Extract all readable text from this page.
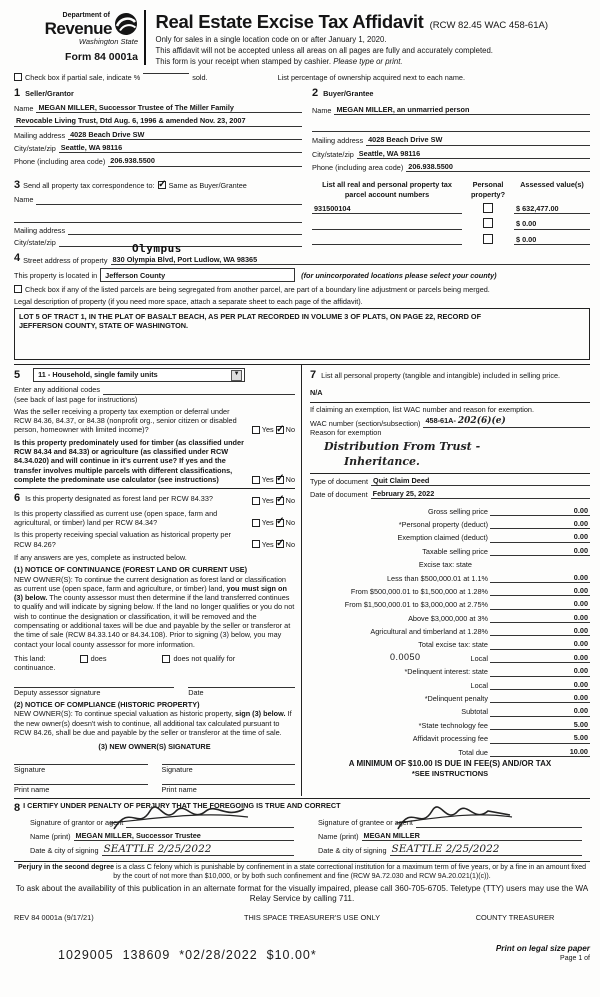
Department of
Revenue
Washington State
Form 84 0001a
Real Estate Excise Tax Affidavit (RCW 82.45 WAC 458-61A)
Only for sales in a single location code on or after January 1, 2020.
This affidavit will not be accepted unless all areas on all pages are fully and accurately completed.
This form is your receipt when stamped by cashier. Please type or print.
Check box if partial sale, indicate %	sold.	List percentage of ownership acquired next to each name.
1 Seller/Grantor
Name MEGAN MILLER, Successor Trustee of The Miller Family
Revocable Living Trust, Dtd Aug. 6, 1996 & amended Nov. 23, 2007
Mailing address 4028 Beach Drive SW
City/state/zip Seattle, WA 98116
Phone (including area code) 206.938.5500
2 Buyer/Grantee
Name MEGAN MILLER, an unmarried person
Mailing address 4028 Beach Drive SW
City/state/zip Seattle, WA 98116
Phone (including area code) 206.938.5500
3 Send all property tax correspondence to: ✓ Same as Buyer/Grantee
Name
Mailing address
City/state/zip
List all real and personal property tax parcel account numbers
Personal property?
Assessed value(s)
931500104	$ 632,477.00
$ 0.00
$ 0.00
Olympus
4 Street address of property 830 Olympia Blvd, Port Ludlow, WA 98365
This property is located in	Jefferson County	(for unincorporated locations please select your county)
Check box if any of the listed parcels are being segregated from another parcel, are part of a boundary line adjustment or parcels being merged.
Legal description of property (if you need more space, attach a separate sheet to each page of the affidavit).
LOT 5 OF TRACT 1, IN THE PLAT OF BASALT BEACH, AS PER PLAT RECORDED IN VOLUME 3 OF PLATS, ON PAGE 22, RECORD OF
JEFFERSON COUNTY, STATE OF WASHINGTON.
5 11 - Household, single family units	▼
Enter any additional codes
(see back of last page for instructions)
Was the seller receiving a property tax exemption or deferral under RCW 84.36, 84.37, or 84.38 (nonprofit org., senior citizen or disabled person, homeowner with limited income)?	Yes ✓ No
Is this property predominately used for timber (as classified under RCW 84.34 and 84.33) or agriculture (as classified under RCW 84.34.020) and will continue in it's current use? If yes and the transfer involves multiple parcels with different classifications, complete the predominate use calculator (see instructions)	Yes ✓ No
6 Is this property designated as forest land per RCW 84.33?	Yes ✓ No
Is this property classified as current use (open space, farm and agricultural, or timber) land per RCW 84.34?	Yes ✓ No
Is this property receiving special valuation as historical property per RCW 84.26?	Yes ✓ No
If any answers are yes, complete as instructed below.
(1) NOTICE OF CONTINUANCE (FOREST LAND OR CURRENT USE)
NEW OWNER(S): To continue the current designation as forest land or classification as current use (open space, farm and agriculture, or timber) land, you must sign on (3) below. The county assessor must then determine if the land transferred continues to qualify and will indicate by signing below. If the land no longer qualifies or you do not wish to continue the designation or classification, it will be removed and the compensating or additional taxes will be due and payable by the seller or transferor at the time of sale (RCW 84.33.140 or 84.34.108). Prior to signing (3) below, you may contact your local county assessor for more information.
This land:	does	does not qualify for
continuance.
Deputy assessor signature	Date
(2) NOTICE OF COMPLIANCE (HISTORIC PROPERTY)
NEW OWNER(S): To continue special valuation as historic property, sign (3) below. If the new owner(s) doesn't wish to continue, all additional tax calculated pursuant to RCW 84.26, shall be due and payable by the seller or transferor at the time of sale.
(3) NEW OWNER(S) SIGNATURE
Signature	Signature
Print name	Print name
7 List all personal property (tangible and intangible) included in selling price.
N/A
If claiming an exemption, list WAC number and reason for exemption.
WAC number (section/subsection) 458-61A- 202(6)(e)
Reason for exemption
Distribution From Trust -
Inheritance.
Type of document Quit Claim Deed
Date of document February 25, 2022
Gross selling price	0.00
*Personal property (deduct)	0.00
Exemption claimed (deduct)	0.00
Taxable selling price	0.00
Excise tax: state
Less than $500,000.01 at 1.1%	0.00
From $500,000.01 to $1,500,000 at 1.28%	0.00
From $1,500,000.01 to $3,000,000 at 2.75%	0.00
Above $3,000,000 at 3%	0.00
Agricultural and timberland at 1.28%	0.00
Total excise tax: state	0.00
0.0050	Local	0.00
*Delinquent interest: state	0.00
Local	0.00
*Delinquent penalty	0.00
Subtotal	0.00
*State technology fee	5.00
Affidavit processing fee	5.00
Total due	10.00
A MINIMUM OF $10.00 IS DUE IN FEE(S) AND/OR TAX
*SEE INSTRUCTIONS
8 I CERTIFY UNDER PENALTY OF PERJURY THAT THE FOREGOING IS TRUE AND CORRECT
Signature of grantor or agent
Name (print) MEGAN MILLER, Successor Trustee
Date & city of signing SEATTLE 2/25/2022
Signature of grantee or agent
Name (print) MEGAN MILLER
Date & city of signing SEATTLE 2/25/2022
Perjury in the second degree is a class C felony which is punishable by confinement in a state correctional institution for a maximum term of five years, or by a fine in an amount fixed by the court of not more than $10,000, or by both such confinement and fine (RCW 9A.72.030 and RCW 9A.20.021(1)(c)).
To ask about the availability of this publication in an alternate format for the visually impaired, please call 360-705-6705. Teletype (TTY) users may use the WA Relay Service by calling 711.
REV 84 0001a (9/17/21)	THIS SPACE TREASURER'S USE ONLY	COUNTY TREASURER
1029005  138609  *02/28/2022  $10.00*	Print on legal size paper
Page 1 of
